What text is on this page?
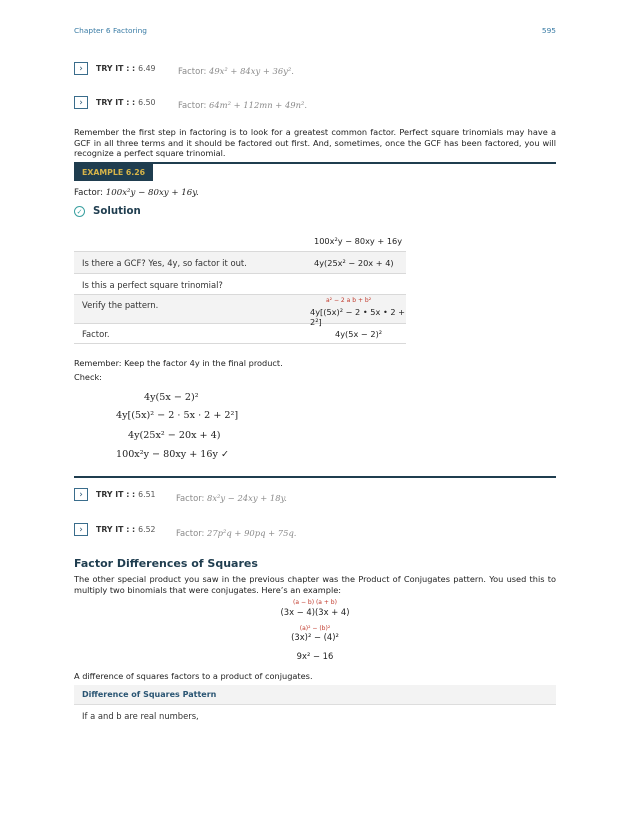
Chapter 6 Factoring	595
› TRY IT : : 6.49	Factor: 49x² + 84xy + 36y².
› TRY IT : : 6.50	Factor: 64m² + 112mn + 49n².

Remember the first step in factoring is to look for a greatest common factor. Perfect square trinomials may have a GCF in all three terms and it should be factored out first. And, sometimes, once the GCF has been factored, you will recognize a perfect square trinomial.

EXAMPLE 6.26
Factor: 100x²y − 80xy + 16y.
✓ Solution
100x²y − 80xy + 16y
Is there a GCF? Yes, 4y, so factor it out.	4y(25x² − 20x + 4)
Is this a perfect square trinomial?
Verify the pattern.	a² − 2 a b + b²
4y[(5x)² − 2 • 5x • 2 + 2²]
Factor.	4y(5x − 2)²

Remember: Keep the factor 4y in the final product.

Check:

4y(5x − 2)²
4y[(5x)² − 2 · 5x · 2 + 2²]
4y(25x² − 20x + 4)
100x²y − 80xy + 16y ✓
› TRY IT : : 6.51 Factor: 8x²y − 24xy + 18y.
› TRY IT : : 6.52 Factor: 27p²q + 90pq + 75q.
Factor Differences of Squares

The other special product you saw in the previous chapter was the Product of Conjugates pattern. You used this to multiply two binomials that were conjugates. Here’s an example:

(a − b) (a + b)
(3x − 4)(3x + 4)
(a)² − (b)²
(3x)² − (4)²
9x² − 16

A difference of squares factors to a product of conjugates.

Difference of Squares Pattern
If a and b are real numbers,
